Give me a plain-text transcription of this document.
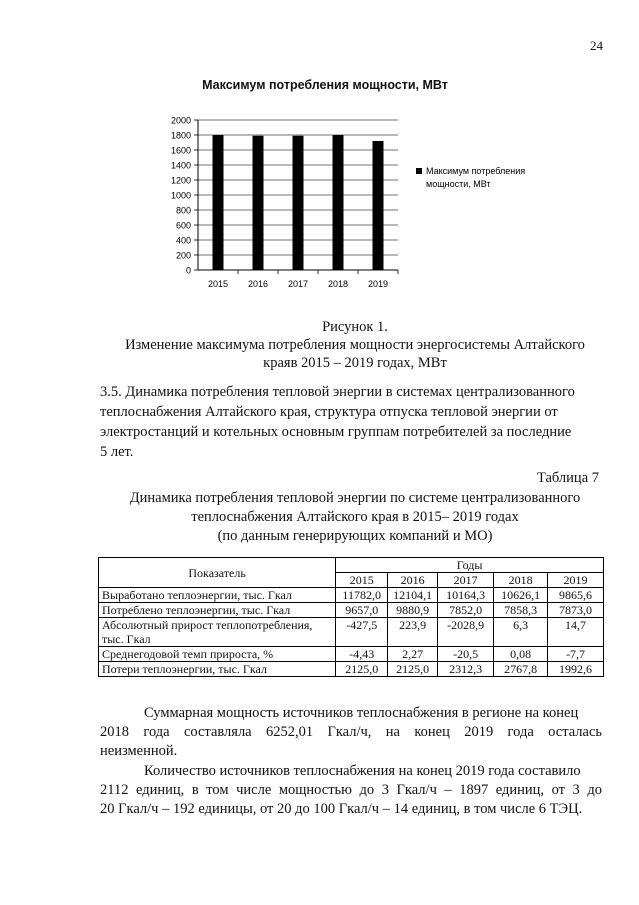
24
Максимум потребления мощности, МВт
0
200
400
600
800
1000
1200
1400
1600
1800
2000
2015 2016 2017 2018 2019
Максимум потребления
мощности, МВт
Рисунок 1.
Изменение максимума потребления мощности энергосистемы Алтайского
краяв 2015 – 2019 годах, МВт
3.5. Динамика потребления тепловой энергии в системах централизованного
теплоснабжения Алтайского края, структура отпуска тепловой энергии от
электростанций и котельных основным группам потребителей за последние
5 лет.
Таблица 7
Динамика потребления тепловой энергии по системе централизованного
теплоснабжения Алтайского края в 2015– 2019 годах
(по данным генерирующих компаний и МО)
Показатель	Годы				
	2015	2016	2017	2018	2019
Выработано теплоэнергии, тыс. Гкал	11782,0	12104,1	10164,3	10626,1	9865,6
Потреблено теплоэнергии, тыс. Гкал	9657,0	9880,9	7852,0	7858,3	7873,0
Абсолютный прирост теплопотребления, тыс. Гкал	-427,5	223,9	-2028,9	6,3	14,7
Среднегодовой темп прироста, %	-4,43	2,27	-20,5	0,08	-7,7
Потери теплоэнергии, тыс. Гкал	2125,0	2125,0	2312,3	2767,8	1992,6
Суммарная мощность источников теплоснабжения в регионе на конец
2018 года составляла 6252,01 Гкал/ч, на конец 2019 года осталась
неизменной.
Количество источников теплоснабжения на конец 2019 года составило
2112 единиц, в том числе мощностью до 3 Гкал/ч – 1897 единиц, от 3 до
20 Гкал/ч – 192 единицы, от 20 до 100 Гкал/ч – 14 единиц, в том числе 6 ТЭЦ.
